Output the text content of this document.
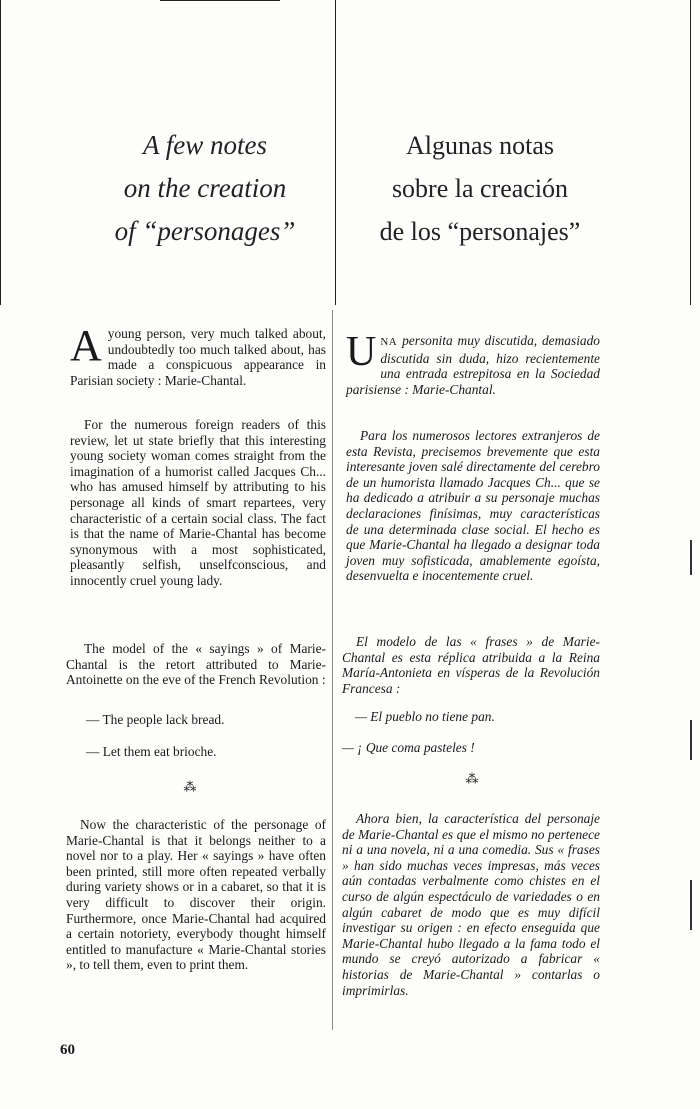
A few notes
on the creation
of “personages”
Algunas notas
sobre la creación
de los “personajes”

Ayoung person, very much talked about, undoubtedly too much talked about, has made a conspicuous appearance in Parisian society : Marie-Chantal.

For the numerous foreign readers of this review, let ut state briefly that this interesting young society woman comes straight from the imagination of a humorist called Jacques Ch... who has amused himself by attributing to his personage all kinds of smart repartees, very characteristic of a certain social class. The fact is that the name of Marie-Chantal has become synonymous with a most sophisticated, pleasantly selfish, unselfconscious, and innocently cruel young lady.

The model of the « sayings » of Marie-Chantal is the retort attributed to Marie-Antoinette on the eve of the French Revolution :

— The people lack bread.
— Let them eat brioche.
⁂

Now the characteristic of the personage of Marie-Chantal is that it belongs neither to a novel nor to a play. Her « sayings » have often been printed, still more often repeated verbally during variety shows or in a cabaret, so that it is very difficult to discover their origin. Furthermore, once Marie-Chantal had acquired a certain notoriety, everybody thought himself entitled to manufacture « Marie-Chantal stories », to tell them, even to print them.

UNA personita muy discutida, demasiado discutida sin duda, hizo recientemente una entrada estrepitosa en la Sociedad parisiense : Marie-Chantal.

Para los numerosos lectores extranjeros de esta Revista, precisemos brevemente que esta interesante joven salé directamente del cerebro de un humorista llamado Jacques Ch... que se ha dedicado a atribuir a su personaje muchas declaraciones finísimas, muy características de una determinada clase social. El hecho es que Marie-Chantal ha llegado a designar toda joven muy sofisticada, amablemente egoísta, desenvuelta e inocentemente cruel.

El modelo de las « frases » de Marie-Chantal es esta réplica atribuida a la Reina María-Antonieta en vísperas de la Revolución Francesa :

— El pueblo no tiene pan.
— ¡ Que coma pasteles !
⁂

Ahora bien, la característica del personaje de Marie-Chantal es que el mismo no pertenece ni a una novela, ni a una comedia. Sus « frases » han sido muchas veces impresas, más veces aún contadas verbalmente como chistes en el curso de algún espectáculo de variedades o en algún cabaret de modo que es muy difícil investigar su origen : en efecto enseguida que Marie-Chantal hubo llegado a la fama todo el mundo se creyó autorizado a fabricar « historias de Marie-Chantal » contarlas o imprimirlas.

60
